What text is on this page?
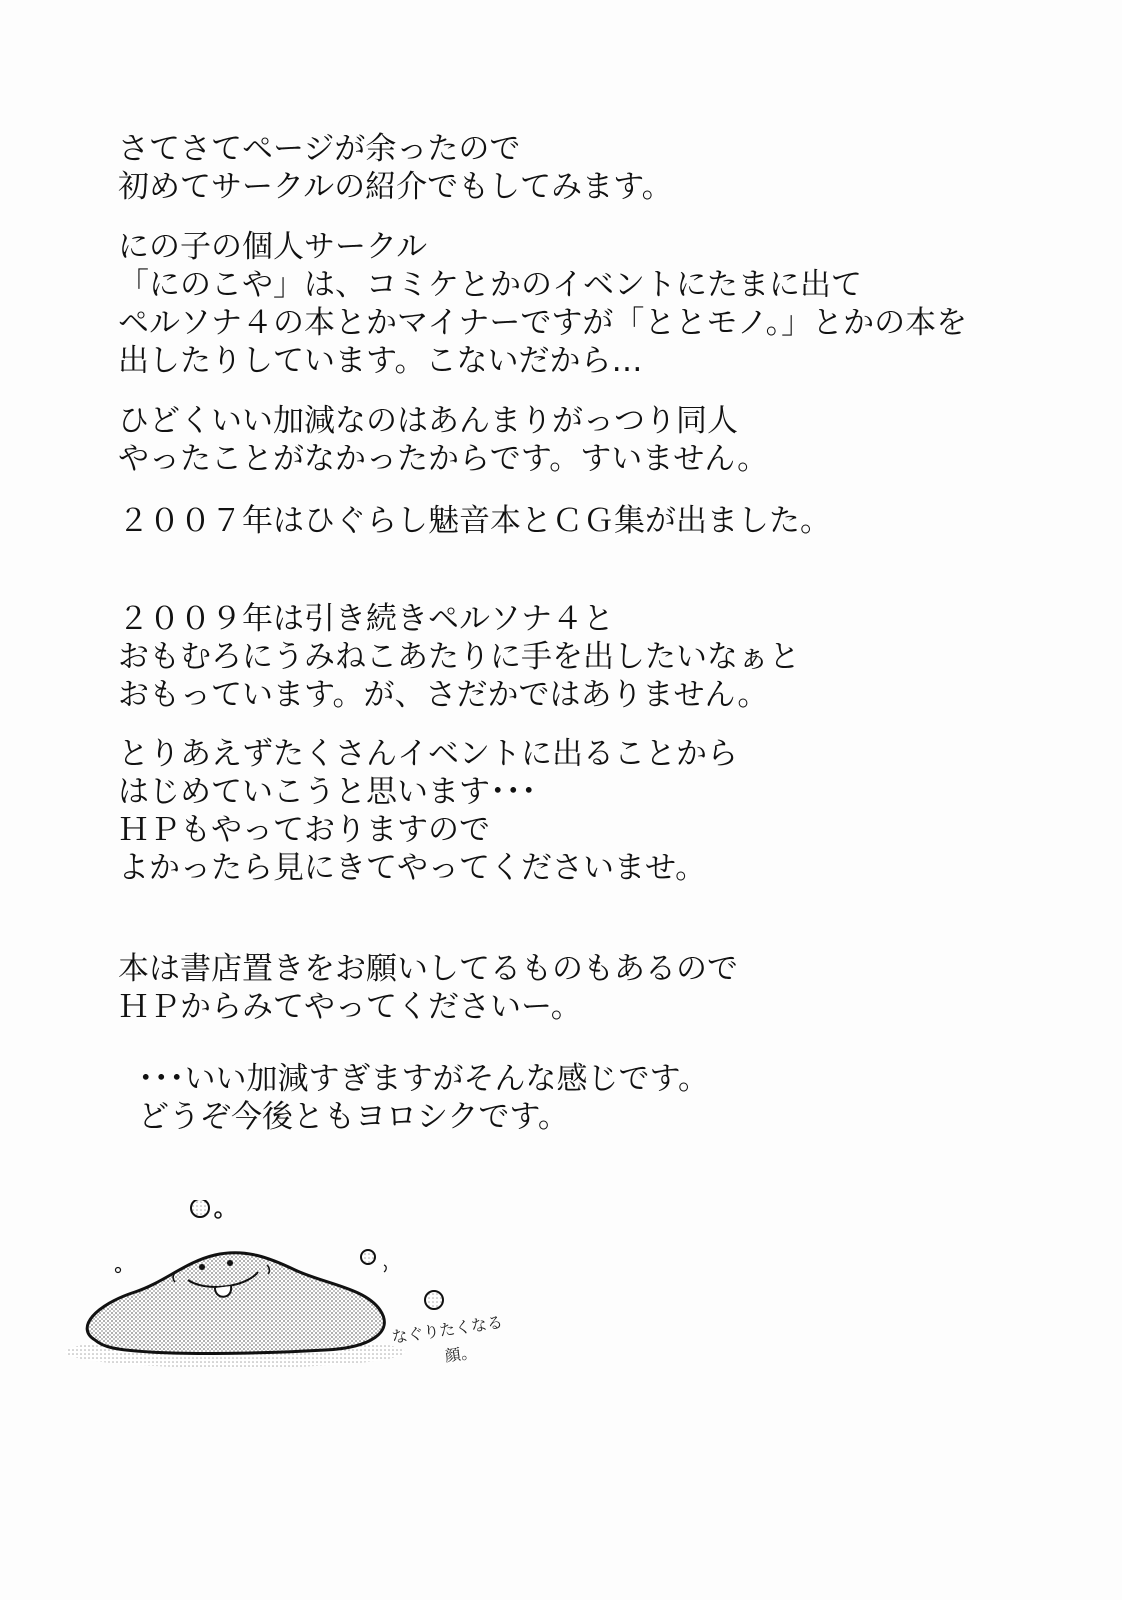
さてさてページが余ったので
初めてサークルの紹介でもしてみます。
にの子の個人サークル
「にのこや」は、コミケとかのイベントにたまに出て
ペルソナ４の本とかマイナーですが「ととモノ。」とかの本を
出したりしています。こないだから…
ひどくいい加減なのはあんまりがっつり同人
やったことがなかったからです。すいません。
２００７年はひぐらし魅音本とＣＧ集が出ました。
２００９年は引き続きペルソナ４と
おもむろにうみねこあたりに手を出したいなぁと
おもっています。が、さだかではありません。
とりあえずたくさんイベントに出ることから
はじめていこうと思います･･･
ＨＰもやっておりますので
よかったら見にきてやってくださいませ。
本は書店置きをお願いしてるものもあるので
ＨＰからみてやってくださいー。
･･･いい加減すぎますがそんな感じです。
どうぞ今後ともヨロシクです。
なぐりたくなる
顔。
